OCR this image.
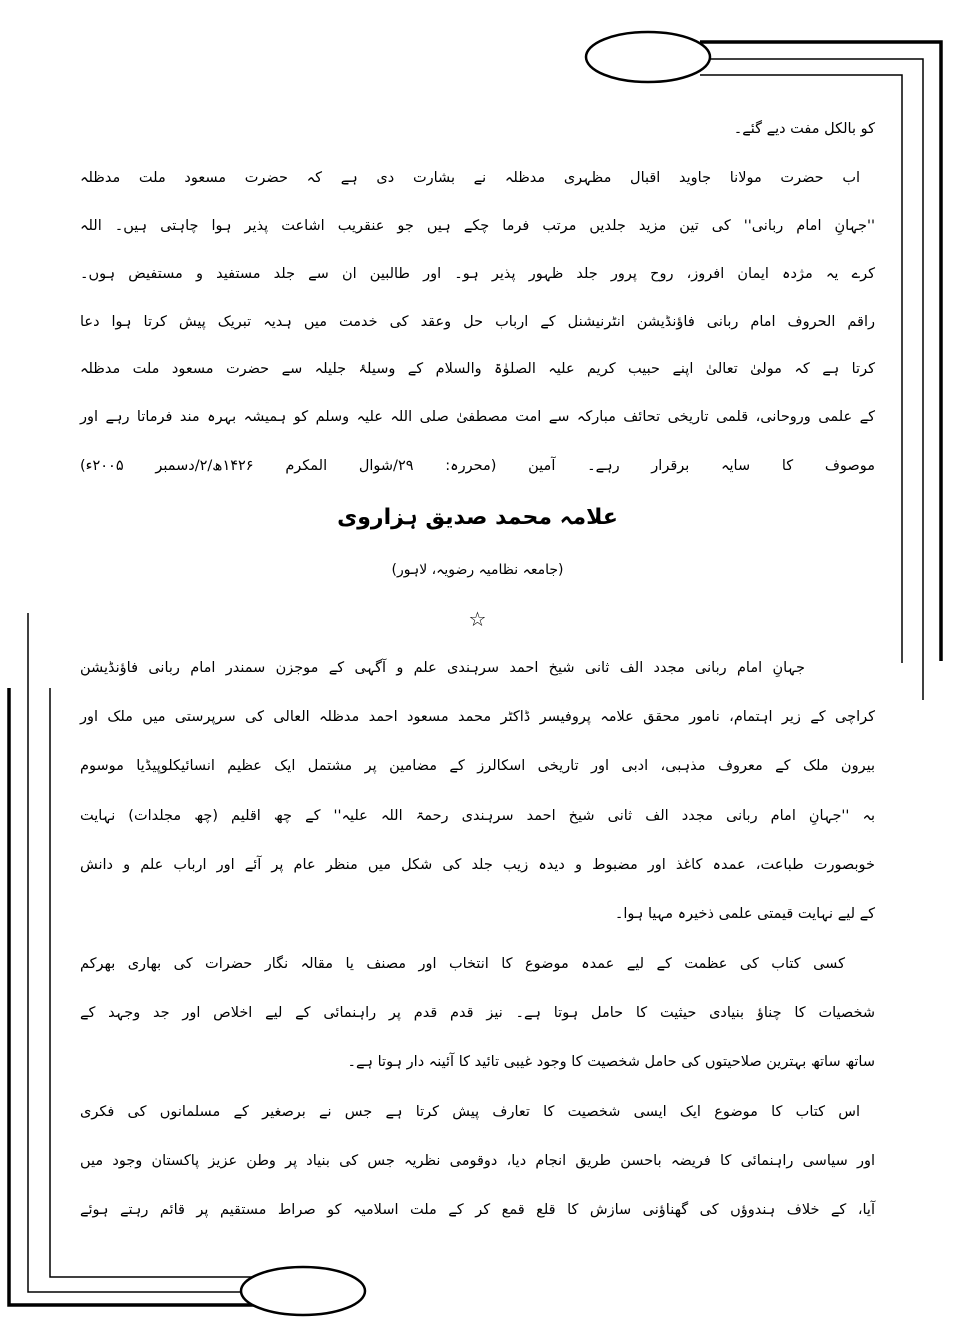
کو بالکل مفت دیے گئے۔
اب حضرت مولانا جاوید اقبال مظہری مدظلہ نے بشارت دی ہے کہ حضرت مسعود ملت مدظلہ
''جہانِ امام ربانی'' کی تین مزید جلدیں مرتب فرما چکے ہیں جو عنقریب اشاعت پذیر ہوا چاہتی ہیں۔ اللہ
کرے یہ مژدہ ایمان افروز، روح پرور جلد ظہور پذیر ہو۔ اور طالبین ان سے جلد مستفید و مستفیض ہوں۔
راقم الحروف امام ربانی فاؤنڈیشن انٹرنیشنل کے ارباب حل وعقد کی خدمت میں ہدیہ تبریک پیش کرتا ہوا دعا
کرتا ہے کہ مولیٰ تعالیٰ اپنے حبیب کریم علیہ الصلوٰۃ والسلام کے وسیلۂ جلیلہ سے حضرت مسعود ملت مدظلہ
کے علمی وروحانی، قلمی تاریخی تحائف مبارکہ سے امت مصطفیٰ صلی اللہ علیہ وسلم کو ہمیشہ بہرہ مند فرماتا رہے اور
موصوف کا سایہ برقرار رہے۔ آمین (محررہ: ۲۹/شوال المکرم ۱۴۲۶ھ/۲/دسمبر ۲۰۰۵ء)
علامہ محمد صدیق ہزاروی
(جامعہ نظامیہ رضویہ، لاہور)
☆
جہانِ امام ربانی مجدد الف ثانی شیخ احمد سرہندی علم و آگہی کے موجزن سمندر امام ربانی فاؤنڈیشن
کراچی کے زیر اہتمام، نامور محقق علامہ پروفیسر ڈاکٹر محمد مسعود احمد مدظلہ العالی کی سرپرستی میں ملک اور
بیرون ملک کے معروف مذہبی، ادبی اور تاریخی اسکالرز کے مضامین پر مشتمل ایک عظیم انسائیکلوپیڈیا موسوم
بہ ''جہانِ امام ربانی مجدد الف ثانی شیخ احمد سرہندی رحمۃ اللہ علیہ'' کے چھ اقلیم (چھ مجلدات) نہایت
خوبصورت طباعت، عمدہ کاغذ اور مضبوط و دیدہ زیب جلد کی شکل میں منظر عام پر آئے اور ارباب علم و دانش
کے لیے نہایت قیمتی علمی ذخیرہ مہیا ہوا۔
کسی کتاب کی عظمت کے لیے عمدہ موضوع کا انتخاب اور مصنف یا مقالہ نگار حضرات کی بھاری بھرکم
شخصیات کا چناؤ بنیادی حیثیت کا حامل ہوتا ہے۔ نیز قدم قدم پر راہنمائی کے لیے اخلاص اور جد وجہد کے
ساتھ ساتھ بہترین صلاحیتوں کی حامل شخصیت کا وجود غیبی تائید کا آئینہ دار ہوتا ہے۔
اس کتاب کا موضوع ایک ایسی شخصیت کا تعارف پیش کرتا ہے جس نے برصغیر کے مسلمانوں کی فکری
اور سیاسی راہنمائی کا فریضہ باحسن طریق انجام دیا، دوقومی نظریہ جس کی بنیاد پر وطن عزیز پاکستان وجود میں
آیا، کے خلاف ہندوؤں کی گھناؤنی سازش کا قلع قمع کر کے ملت اسلامیہ کو صراط مستقیم پر قائم رہتے ہوئے
